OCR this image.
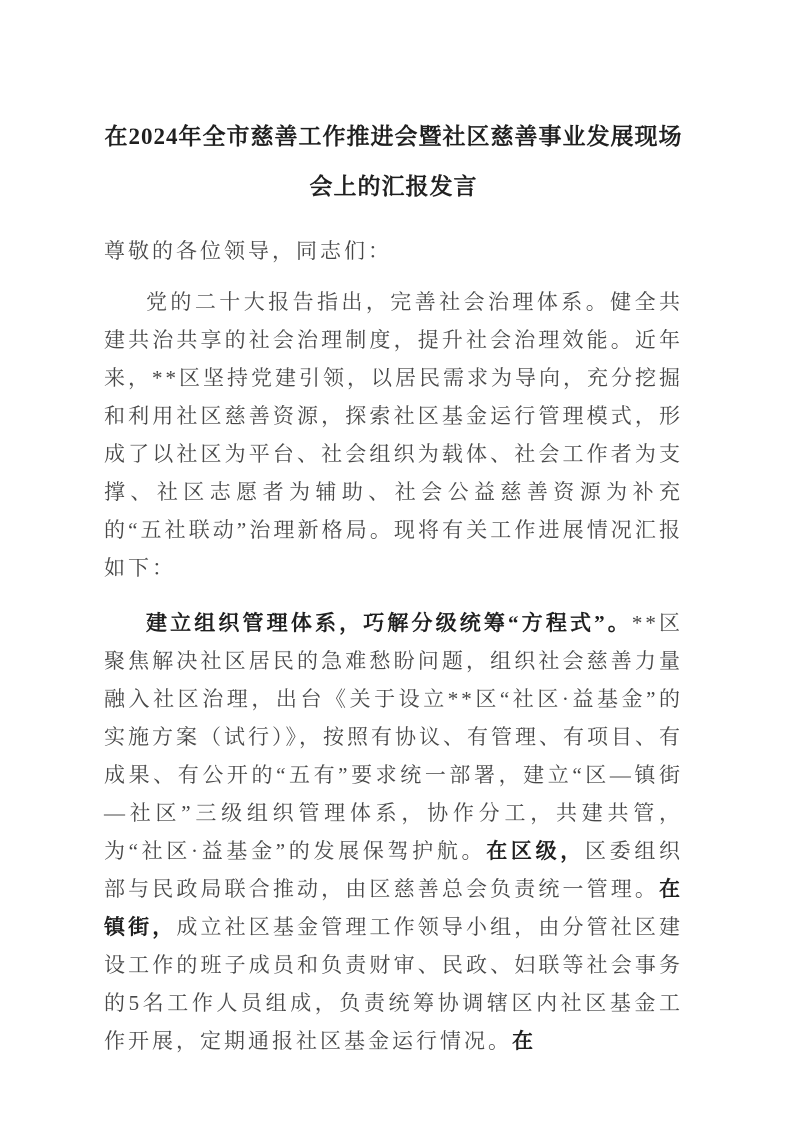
在2024年全市慈善工作推进会暨社区慈善事业发展现场会上的汇报发言

尊敬的各位领导，同志们：

党的二十大报告指出，完善社会治理体系。健全共建共治共享的社会治理制度，提升社会治理效能。近年来，**区坚持党建引领，以居民需求为导向，充分挖掘和利用社区慈善资源，探索社区基金运行管理模式，形成了以社区为平台、社会组织为载体、社会工作者为支撑、社区志愿者为辅助、社会公益慈善资源为补充的“五社联动”治理新格局。现将有关工作进展情况汇报如下：

建立组织管理体系，巧解分级统筹“方程式”。**区聚焦解决社区居民的急难愁盼问题，组织社会慈善力量融入社区治理，出台《关于设立**区“社区·益基金”的实施方案（试行）》，按照有协议、有管理、有项目、有成果、有公开的“五有”要求统一部署，建立“区—镇街—社区”三级组织管理体系，协作分工，共建共管，为“社区·益基金”的发展保驾护航。在区级，区委组织部与民政局联合推动，由区慈善总会负责统一管理。在镇街，成立社区基金管理工作领导小组，由分管社区建设工作的班子成员和负责财审、民政、妇联等社会事务的5名工作人员组成，负责统筹协调辖区内社区基金工作开展，定期通报社区基金运行情况。在
